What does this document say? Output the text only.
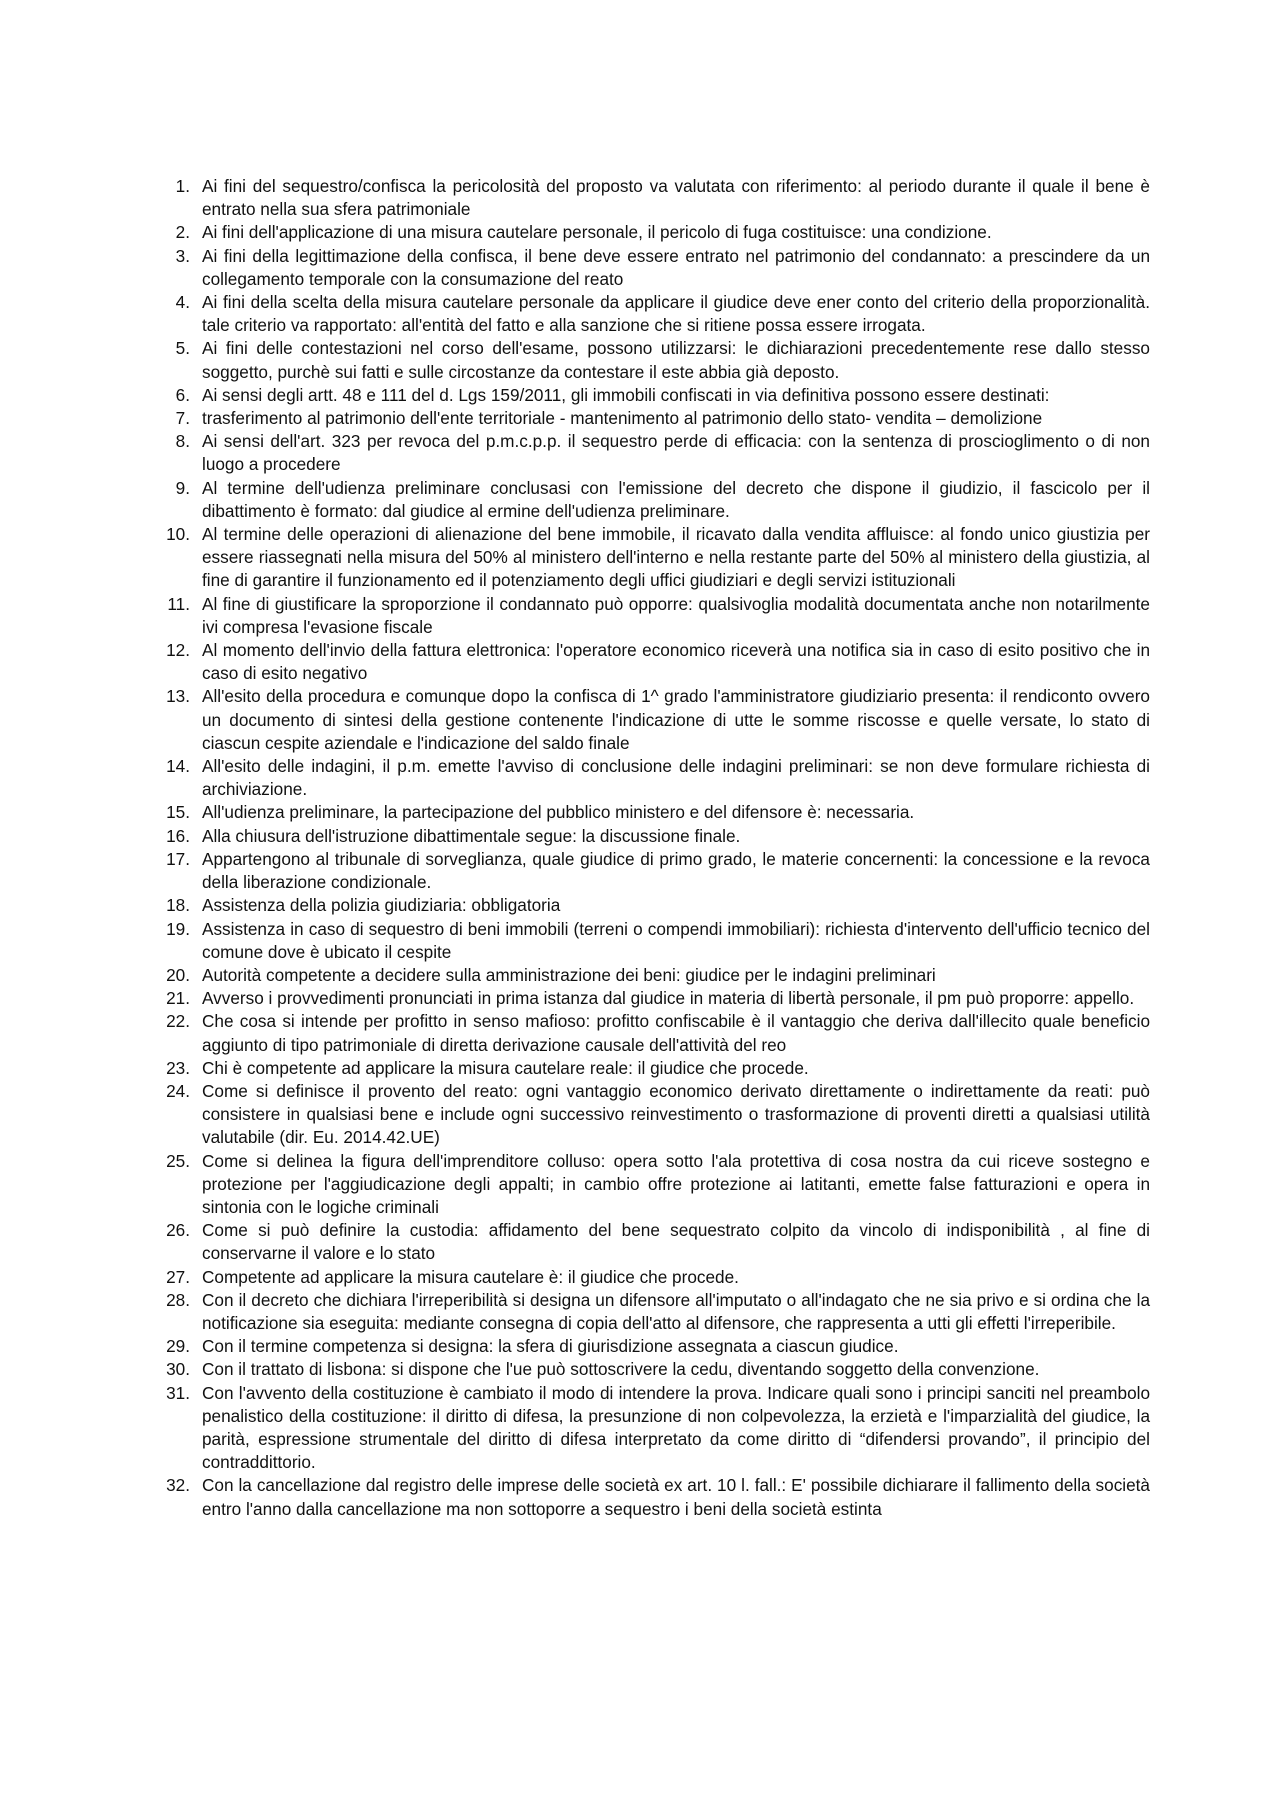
1. Ai fini del sequestro/confisca la pericolosità del proposto va valutata con riferimento: al periodo durante il quale il bene è entrato nella sua sfera patrimoniale
2. Ai fini dell'applicazione di una misura cautelare personale, il pericolo di fuga costituisce: una condizione.
3. Ai fini della legittimazione della confisca, il bene deve essere entrato nel patrimonio del condannato: a prescindere da un collegamento temporale con la consumazione del reato
4. Ai fini della scelta della misura cautelare personale da applicare il giudice deve ener conto del criterio della proporzionalità. tale criterio va rapportato: all'entità del fatto e alla sanzione che si ritiene possa essere irrogata.
5. Ai fini delle contestazioni nel corso dell'esame, possono utilizzarsi: le dichiarazioni precedentemente rese dallo stesso soggetto, purchè sui fatti e sulle circostanze da contestare il este abbia già deposto.
6. Ai sensi degli artt. 48 e 111 del d. Lgs 159/2011, gli immobili confiscati in via definitiva possono essere destinati:
7. trasferimento al patrimonio dell'ente territoriale - mantenimento al patrimonio dello stato- vendita – demolizione
8. Ai sensi dell'art. 323 per revoca del p.m.c.p.p. il sequestro perde di efficacia: con la sentenza di proscioglimento o di non luogo a procedere
9. Al termine dell'udienza preliminare conclusasi con l'emissione del decreto che dispone il giudizio, il fascicolo per il dibattimento è formato: dal giudice al ermine dell'udienza preliminare.
10. Al termine delle operazioni di alienazione del bene immobile, il ricavato dalla vendita affluisce: al fondo unico giustizia per essere riassegnati nella misura del 50% al ministero dell'interno e nella restante parte del 50% al ministero della giustizia, al fine di garantire il funzionamento ed il potenziamento degli uffici giudiziari e degli servizi istituzionali
11. Al fine di giustificare la sproporzione il condannato può opporre: qualsivoglia modalità documentata anche non notarilmente ivi compresa l'evasione fiscale
12. Al momento dell'invio della fattura elettronica: l'operatore economico riceverà una notifica sia in caso di esito positivo che in caso di esito negativo
13. All'esito della procedura e comunque dopo la confisca di 1^ grado l'amministratore giudiziario presenta: il rendiconto ovvero un documento di sintesi della gestione contenente l'indicazione di utte le somme riscosse e quelle versate, lo stato di ciascun cespite aziendale e l'indicazione del saldo finale
14. All'esito delle indagini, il p.m. emette l'avviso di conclusione delle indagini preliminari: se non deve formulare richiesta di archiviazione.
15. All'udienza preliminare, la partecipazione del pubblico ministero e del difensore è: necessaria.
16. Alla chiusura dell'istruzione dibattimentale segue: la discussione finale.
17. Appartengono al tribunale di sorveglianza, quale giudice di primo grado, le materie concernenti: la concessione e la revoca della liberazione condizionale.
18. Assistenza della polizia giudiziaria: obbligatoria
19. Assistenza in caso di sequestro di beni immobili (terreni o compendi immobiliari): richiesta d'intervento dell'ufficio tecnico del comune dove è ubicato il cespite
20. Autorità competente a decidere sulla amministrazione dei beni: giudice per le indagini preliminari
21. Avverso i provvedimenti pronunciati in prima istanza dal giudice in materia di libertà personale, il pm può proporre: appello.
22. Che cosa si intende per profitto in senso mafioso: profitto confiscabile è il vantaggio che deriva dall'illecito quale beneficio aggiunto di tipo patrimoniale di diretta derivazione causale dell'attività del reo
23. Chi è competente ad applicare la misura cautelare reale: il giudice che procede.
24. Come si definisce il provento del reato: ogni vantaggio economico derivato direttamente o indirettamente da reati: può consistere in qualsiasi bene e include ogni successivo reinvestimento o trasformazione di proventi diretti a qualsiasi utilità valutabile (dir. Eu. 2014.42.UE)
25. Come si delinea la figura dell'imprenditore colluso: opera sotto l'ala protettiva di cosa nostra da cui riceve sostegno e protezione per l'aggiudicazione degli appalti; in cambio offre protezione ai latitanti, emette false fatturazioni e opera in sintonia con le logiche criminali
26. Come si può definire la custodia: affidamento del bene sequestrato colpito da vincolo di indisponibilità , al fine di conservarne il valore e lo stato
27. Competente ad applicare la misura cautelare è: il giudice che procede.
28. Con il decreto che dichiara l'irreperibilità si designa un difensore all'imputato o all'indagato che ne sia privo e si ordina che la notificazione sia eseguita: mediante consegna di copia dell'atto al difensore, che rappresenta a utti gli effetti l'irreperibile.
29. Con il termine competenza si designa: la sfera di giurisdizione assegnata a ciascun giudice.
30. Con il trattato di lisbona: si dispone che l'ue può sottoscrivere la cedu, diventando soggetto della convenzione.
31. Con l'avvento della costituzione è cambiato il modo di intendere la prova. Indicare quali sono i principi sanciti nel preambolo penalistico della costituzione: il diritto di difesa, la presunzione di non colpevolezza, la erzietà e l'imparzialità del giudice, la parità, espressione strumentale del diritto di difesa interpretato da come diritto di “difendersi provando”, il principio del contraddittorio.
32. Con la cancellazione dal registro delle imprese delle società ex art. 10 l. fall.: E' possibile dichiarare il fallimento della società entro l'anno dalla cancellazione ma non sottoporre a sequestro i beni della società estinta
